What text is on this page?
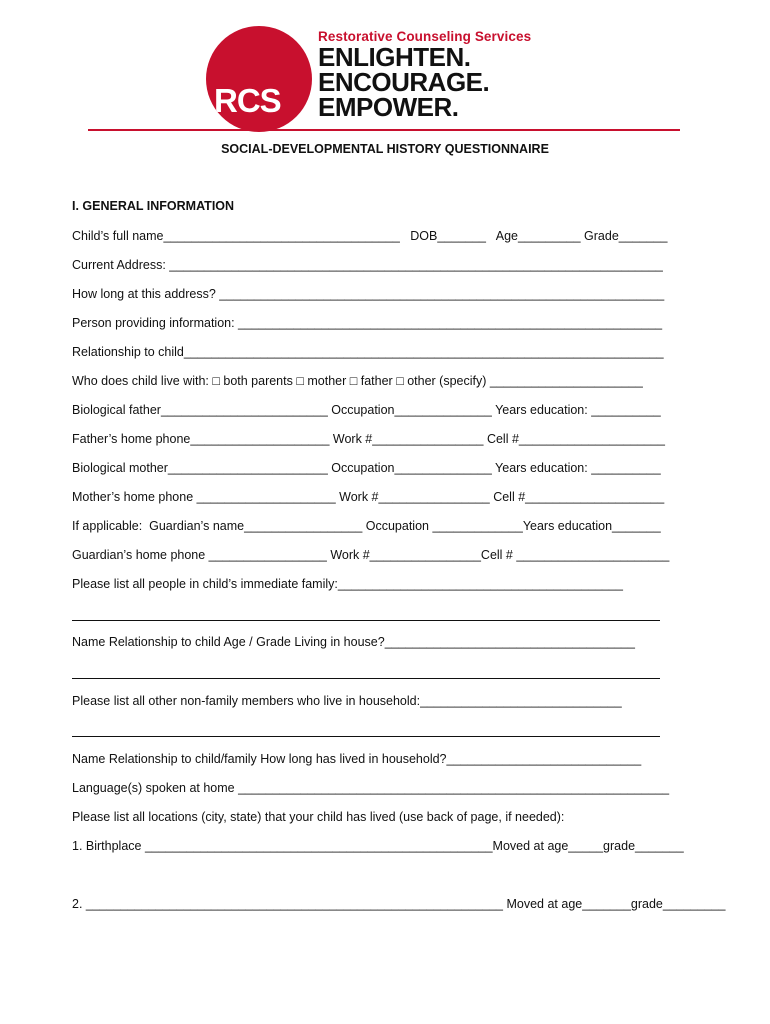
RCS
Restorative Counseling Services
ENLIGHTEN.
ENCOURAGE.
EMPOWER.
SOCIAL-DEVELOPMENTAL HISTORY QUESTIONNAIRE
I. GENERAL INFORMATION
Child’s full name__________________________________   DOB_______   Age_________ Grade_______
Current Address: _______________________________________________________________________
How long at this address? ________________________________________________________________
Person providing information: _____________________________________________________________
Relationship to child_____________________________________________________________________
Who does child live with: □ both parents □ mother □ father □ other (specify) ______________________
Biological father________________________ Occupation______________ Years education: __________
Father’s home phone____________________ Work #________________ Cell #_____________________
Biological mother_______________________ Occupation______________ Years education: __________
Mother’s home phone ____________________ Work #________________ Cell #____________________
If applicable:  Guardian’s name_________________ Occupation _____________Years education_______
Guardian’s home phone _________________ Work #________________Cell # ______________________
Please list all people in child’s immediate family:_________________________________________
Name Relationship to child Age / Grade Living in house?____________________________________
Please list all other non-family members who live in household:_____________________________
Name Relationship to child/family How long has lived in household?____________________________
Language(s) spoken at home ______________________________________________________________
Please list all locations (city, state) that your child has lived (use back of page, if needed):
1. Birthplace __________________________________________________Moved at age_____grade_______
2. ____________________________________________________________ Moved at age_______grade_________
